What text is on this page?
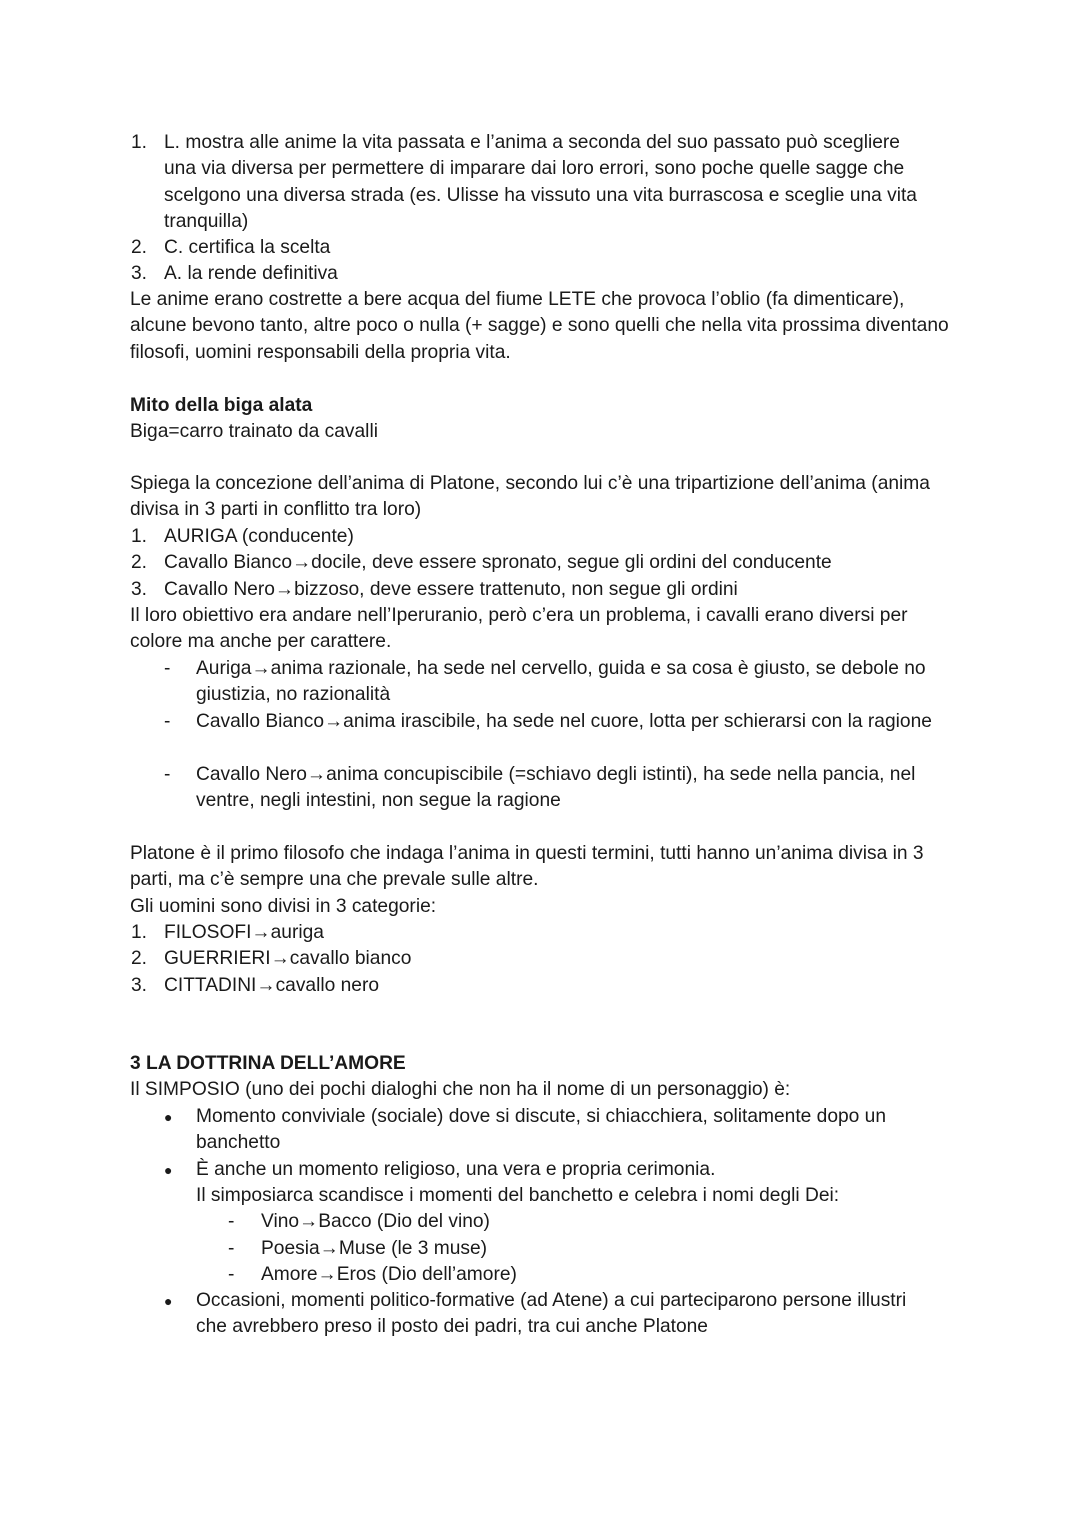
1. L. mostra alle anime la vita passata e l’anima a seconda del suo passato può scegliere una via diversa per permettere di imparare dai loro errori, sono poche quelle sagge che scelgono una diversa strada (es. Ulisse ha vissuto una vita burrascosa e sceglie una vita tranquilla)
2. C. certifica la scelta
3. A. la rende definitiva
Le anime erano costrette a bere acqua del fiume LETE che provoca l’oblio (fa dimenticare), alcune bevono tanto, altre poco o nulla (+ sagge) e sono quelli che nella vita prossima diventano filosofi, uomini responsabili della propria vita.
Mito della biga alata
Biga=carro trainato da cavalli
Spiega la concezione dell’anima di Platone, secondo lui c’è una tripartizione dell’anima (anima divisa in 3 parti in conflitto tra loro)
1. AURIGA (conducente)
2. Cavallo Bianco→docile, deve essere spronato, segue gli ordini del conducente
3. Cavallo Nero→bizzoso, deve essere trattenuto, non segue gli ordini
Il loro obiettivo era andare nell’Iperuranio, però c’era un problema, i cavalli erano diversi per colore ma anche per carattere.
- Auriga→anima razionale, ha sede nel cervello, guida e sa cosa è giusto, se debole no giustizia, no razionalità
- Cavallo Bianco→anima irascibile, ha sede nel cuore, lotta per schierarsi con la ragione
- Cavallo Nero→anima concupiscibile (=schiavo degli istinti), ha sede nella pancia, nel ventre, negli intestini, non segue la ragione
Platone è il primo filosofo che indaga l’anima in questi termini, tutti hanno un’anima divisa in 3 parti, ma c’è sempre una che prevale sulle altre.
Gli uomini sono divisi in 3 categorie:
1. FILOSOFI→auriga
2. GUERRIERI→cavallo bianco
3. CITTADINI→cavallo nero
3 LA DOTTRINA DELL’AMORE
Il SIMPOSIO (uno dei pochi dialoghi che non ha il nome di un personaggio) è:
● Momento conviviale (sociale) dove si discute, si chiacchiera, solitamente dopo un banchetto
● È anche un momento religioso, una vera e propria cerimonia.
Il simposiarca scandisce i momenti del banchetto e celebra i nomi degli Dei:
- Vino→Bacco (Dio del vino)
- Poesia→Muse (le 3 muse)
- Amore→Eros (Dio dell’amore)
● Occasioni, momenti politico-formative (ad Atene) a cui parteciparono persone illustri che avrebbero preso il posto dei padri, tra cui anche Platone
